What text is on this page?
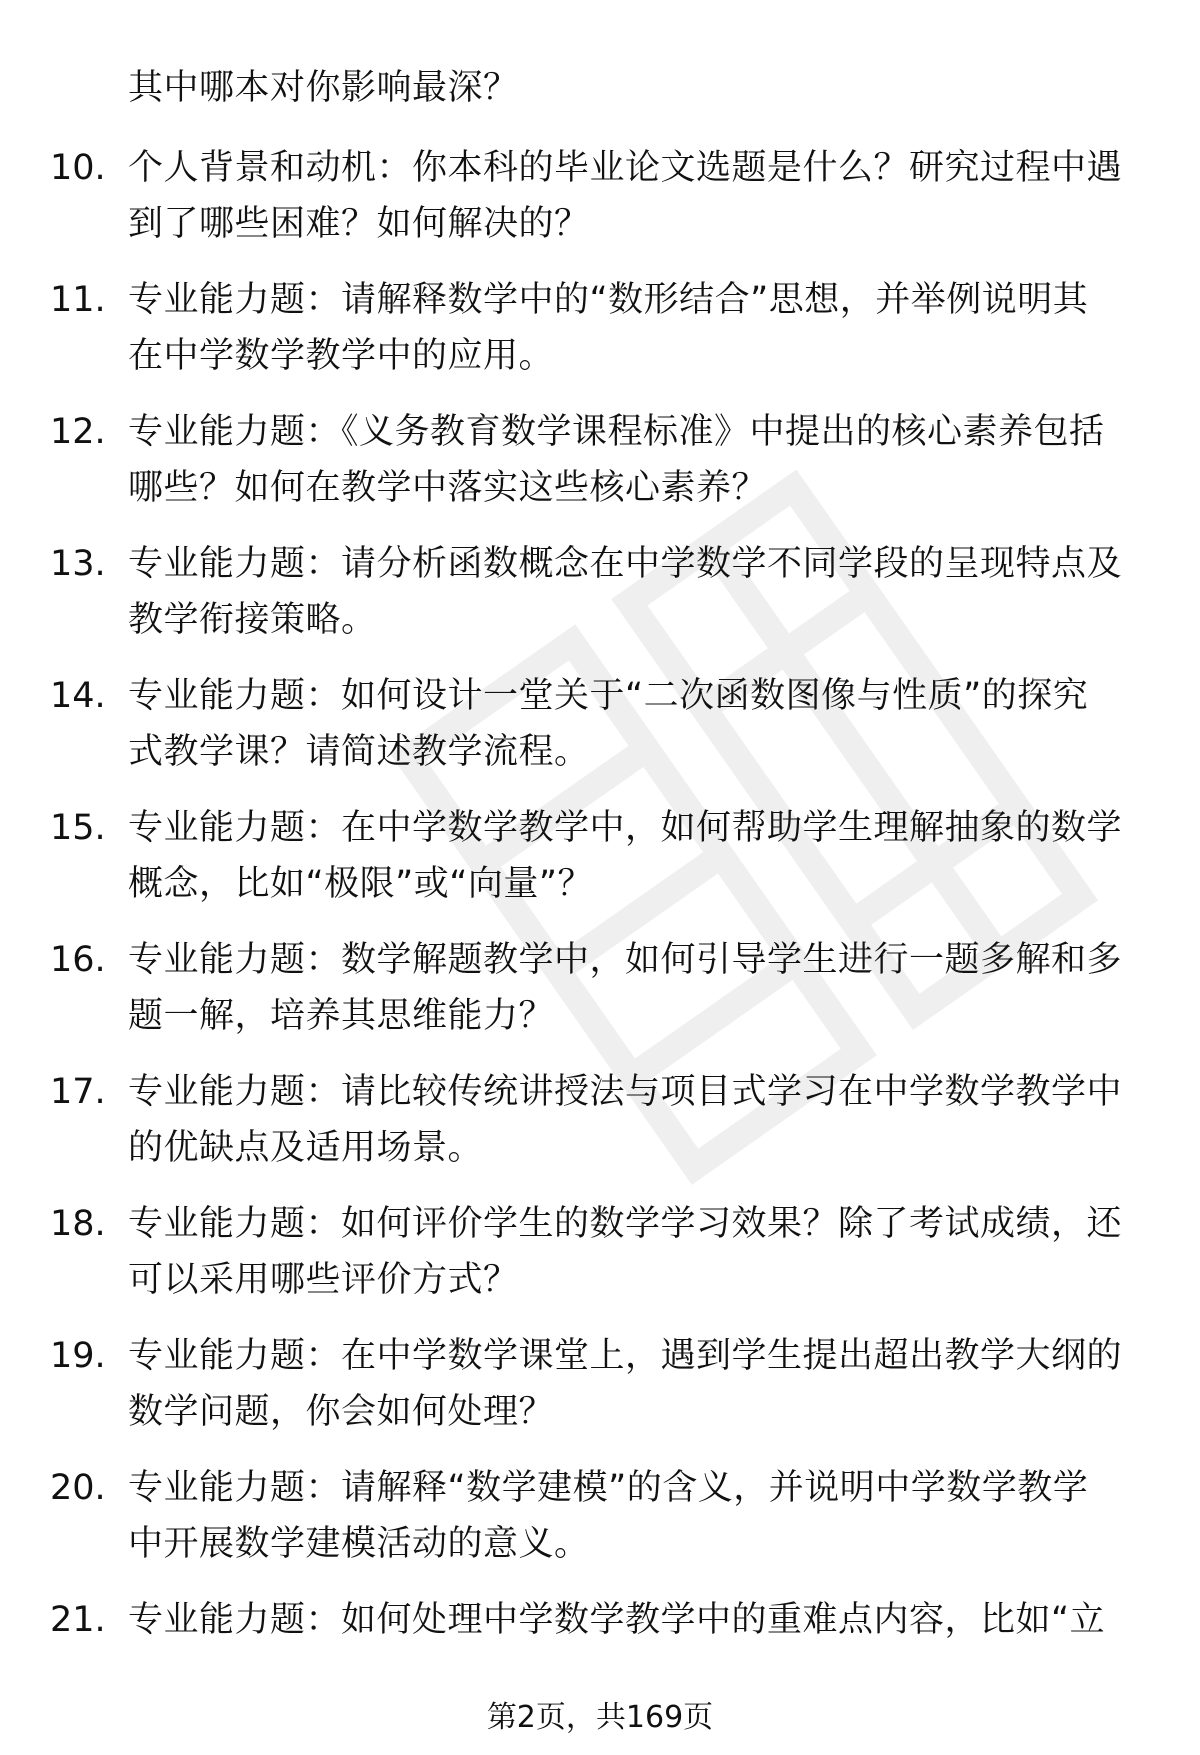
其中哪本对你影响最深？
10. 个人背景和动机：你本科的毕业论文选题是什么？研究过程中遇
到了哪些困难？如何解决的？
11. 专业能力题：请解释数学中的“数形结合”思想，并举例说明其
在中学数学教学中的应用。
12. 专业能力题：《义务教育数学课程标准》中提出的核心素养包括
哪些？如何在教学中落实这些核心素养？
13. 专业能力题：请分析函数概念在中学数学不同学段的呈现特点及
教学衔接策略。
14. 专业能力题：如何设计一堂关于“二次函数图像与性质”的探究
式教学课？请简述教学流程。
15. 专业能力题：在中学数学教学中，如何帮助学生理解抽象的数学
概念，比如“极限”或“向量”？
16. 专业能力题：数学解题教学中，如何引导学生进行一题多解和多
题一解，培养其思维能力？
17. 专业能力题：请比较传统讲授法与项目式学习在中学数学教学中
的优缺点及适用场景。
18. 专业能力题：如何评价学生的数学学习效果？除了考试成绩，还
可以采用哪些评价方式？
19. 专业能力题：在中学数学课堂上，遇到学生提出超出教学大纲的
数学问题，你会如何处理？
20. 专业能力题：请解释“数学建模”的含义，并说明中学数学教学
中开展数学建模活动的意义。
21. 专业能力题：如何处理中学数学教学中的重难点内容，比如“立
第2页，共169页
